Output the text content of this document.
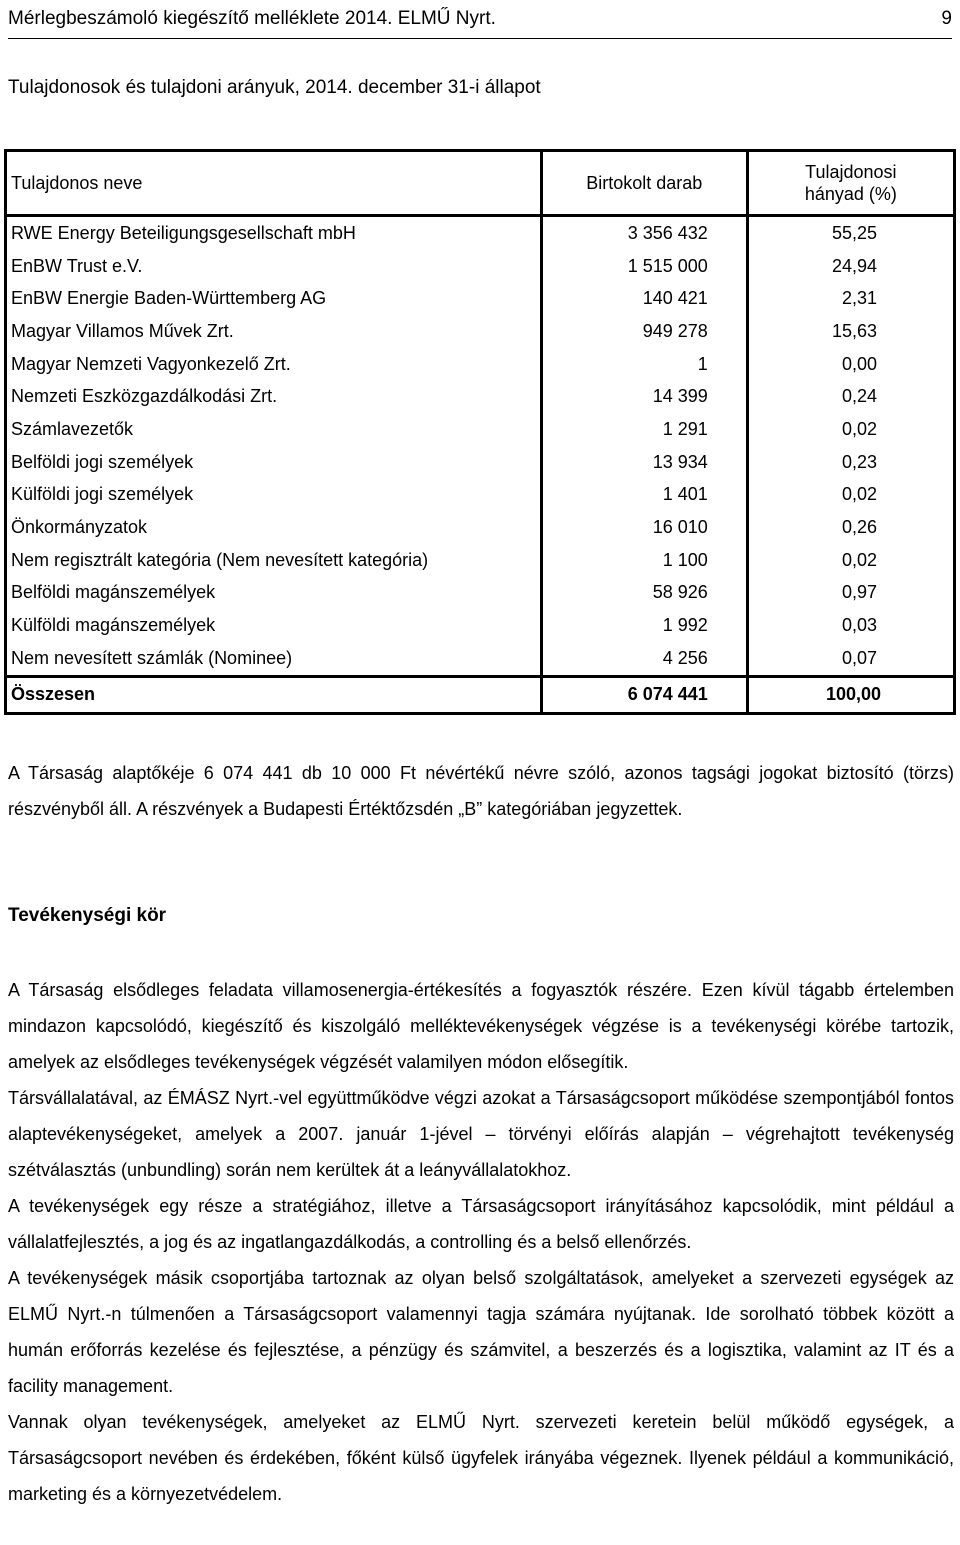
Mérlegbeszámoló kiegészítő melléklete 2014. ELMŰ Nyrt.	9
Tulajdonosok és tulajdoni arányuk, 2014. december 31-i állapot
Tulajdonos neve	Birtokolt darab	Tulajdonosi hányad (%)
RWE Energy Beteiligungsgesellschaft mbH	3 356 432	55,25
EnBW Trust e.V.	1 515 000	24,94
EnBW Energie Baden-Württemberg AG	140 421	2,31
Magyar Villamos Művek Zrt.	949 278	15,63
Magyar Nemzeti Vagyonkezelő Zrt.	1	0,00
Nemzeti Eszközgazdálkodási Zrt.	14 399	0,24
Számlavezetők	1 291	0,02
Belföldi jogi személyek	13 934	0,23
Külföldi jogi személyek	1 401	0,02
Önkormányzatok	16 010	0,26
Nem regisztrált kategória (Nem nevesített kategória)	1 100	0,02
Belföldi magánszemélyek	58 926	0,97
Külföldi magánszemélyek	1 992	0,03
Nem nevesített számlák (Nominee)	4 256	0,07
Összesen	6 074 441	100,00
A Társaság alaptőkéje 6 074 441 db 10 000 Ft névértékű névre szóló, azonos tagsági jogokat biztosító (törzs) részvényből áll. A részvények a Budapesti Értéktőzsdén „B” kategóriában jegyzettek.
Tevékenységi kör
A Társaság elsődleges feladata villamosenergia-értékesítés a fogyasztók részére. Ezen kívül tágabb értelemben mindazon kapcsolódó, kiegészítő és kiszolgáló melléktevékenységek végzése is a tevékenységi körébe tartozik, amelyek az elsődleges tevékenységek végzését valamilyen módon elősegítik.
Társvállalatával, az ÉMÁSZ Nyrt.-vel együttműködve végzi azokat a Társaságcsoport működése szempontjából fontos alaptevékenységeket, amelyek a 2007. január 1-jével – törvényi előírás alapján – végrehajtott tevékenység szétválasztás (unbundling) során nem kerültek át a leányvállalatokhoz.
A tevékenységek egy része a stratégiához, illetve a Társaságcsoport irányításához kapcsolódik, mint például a vállalatfejlesztés, a jog és az ingatlangazdálkodás, a controlling és a belső ellenőrzés.
A tevékenységek másik csoportjába tartoznak az olyan belső szolgáltatások, amelyeket a szervezeti egységek az ELMŰ Nyrt.-n túlmenően a Társaságcsoport valamennyi tagja számára nyújtanak. Ide sorolható többek között a humán erőforrás kezelése és fejlesztése, a pénzügy és számvitel, a beszerzés és a logisztika, valamint az IT és a facility management.
Vannak olyan tevékenységek, amelyeket az ELMŰ Nyrt. szervezeti keretein belül működő egységek, a Társaságcsoport nevében és érdekében, főként külső ügyfelek irányába végeznek. Ilyenek például a kommunikáció, marketing és a környezetvédelem.
